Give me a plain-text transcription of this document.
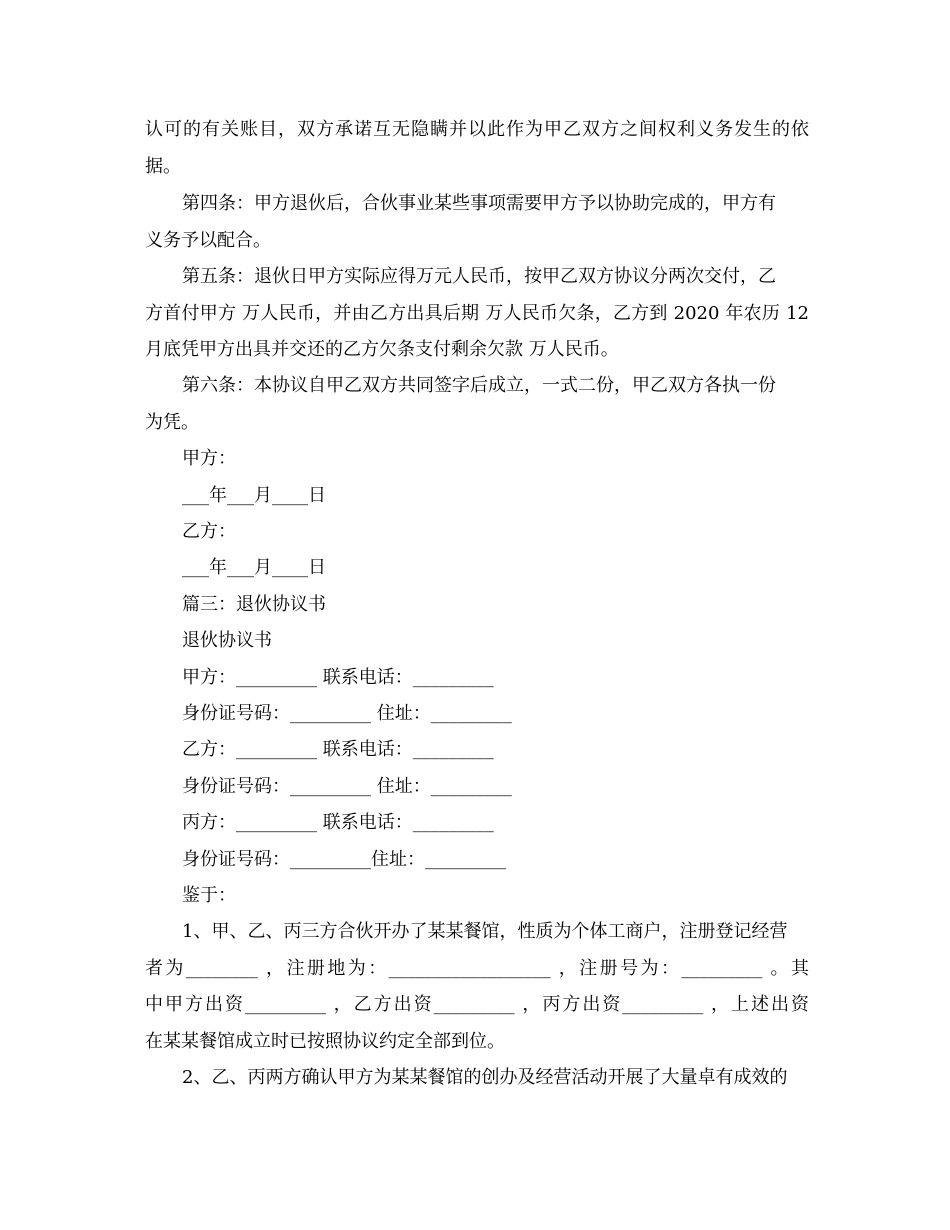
认可的有关账目，双方承诺互无隐瞒并以此作为甲乙双方之间权利义务发生的依

据。

第四条：甲方退伙后，合伙事业某些事项需要甲方予以协助完成的，甲方有

义务予以配合。

第五条：退伙日甲方实际应得万元人民币，按甲乙双方协议分两次交付，乙

方首付甲方 万人民币，并由乙方出具后期 万人民币欠条，乙方到 2020 年农历 12

月底凭甲方出具并交还的乙方欠条支付剩余欠款 万人民币。

第六条：本协议自甲乙双方共同签字后成立，一式二份，甲乙双方各执一份

为凭。

甲方：

___年___月____日

乙方：

___年___月____日

篇三：退伙协议书

退伙协议书

甲方：_________ 联系电话：_________

身份证号码：_________ 住址：_________

乙方：_________ 联系电话：_________

身份证号码：_________ 住址：_________

丙方：_________ 联系电话：_________

身份证号码：_________住址：_________

鉴于：

1、甲、乙、丙三方合伙开办了某某餐馆，性质为个体工商户，注册登记经营

者为________ ，注册地为：__________________ ，注册号为：_________ 。其

中甲方出资_________ ，乙方出资_________ ，丙方出资_________ ，上述出资

在某某餐馆成立时已按照协议约定全部到位。

2、乙、丙两方确认甲方为某某餐馆的创办及经营活动开展了大量卓有成效的
